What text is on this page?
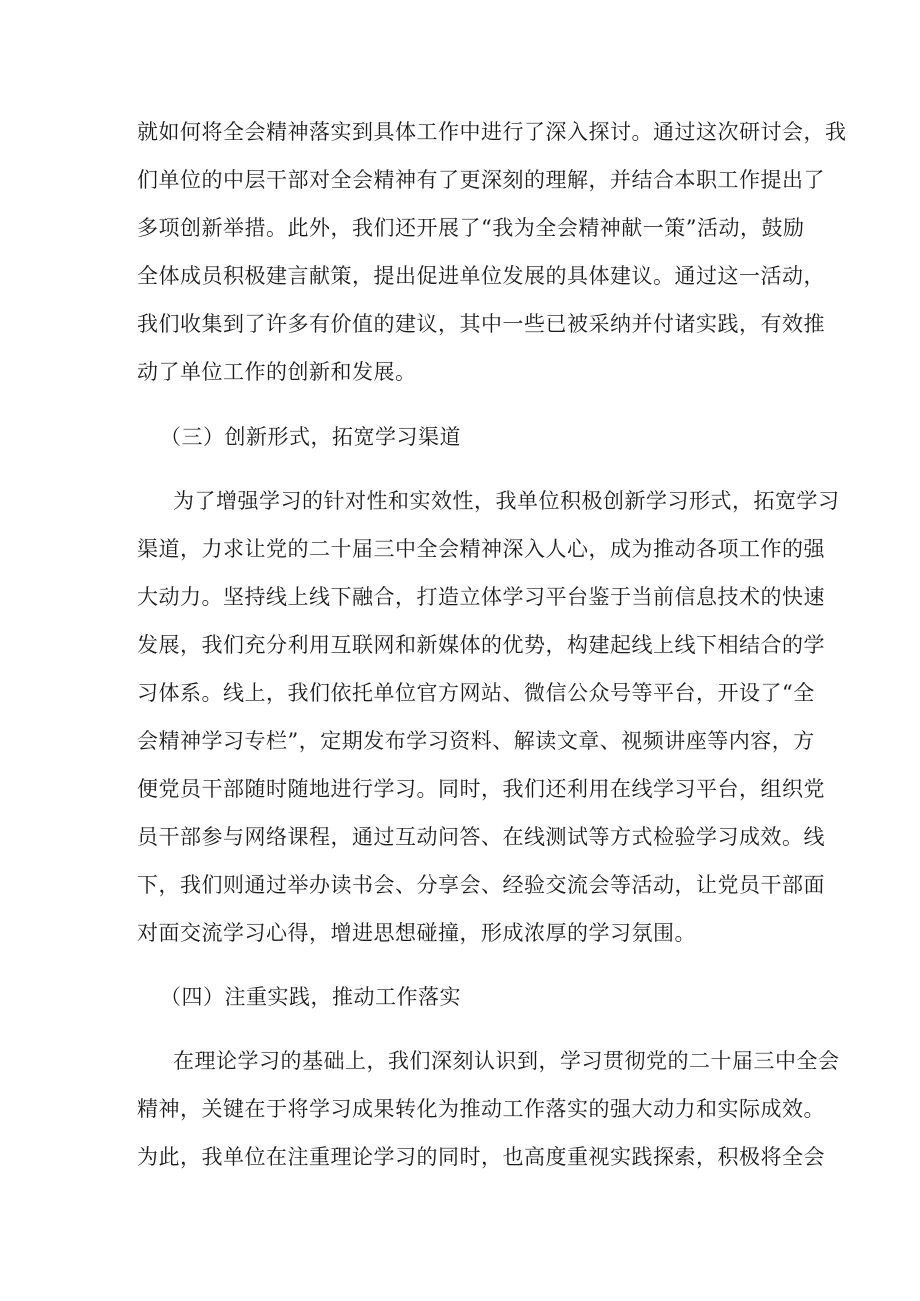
就如何将全会精神落实到具体工作中进行了深入探讨。通过这次研讨会，我
们单位的中层干部对全会精神有了更深刻的理解，并结合本职工作提出了
多项创新举措。此外，我们还开展了“我为全会精神献一策”活动，鼓励
全体成员积极建言献策，提出促进单位发展的具体建议。通过这一活动，
我们收集到了许多有价值的建议，其中一些已被采纳并付诸实践，有效推
动了单位工作的创新和发展。
（三）创新形式，拓宽学习渠道
为了增强学习的针对性和实效性，我单位积极创新学习形式，拓宽学习
渠道，力求让党的二十届三中全会精神深入人心，成为推动各项工作的强
大动力。坚持线上线下融合，打造立体学习平台鉴于当前信息技术的快速
发展，我们充分利用互联网和新媒体的优势，构建起线上线下相结合的学
习体系。线上，我们依托单位官方网站、微信公众号等平台，开设了“全
会精神学习专栏”，定期发布学习资料、解读文章、视频讲座等内容，方
便党员干部随时随地进行学习。同时，我们还利用在线学习平台，组织党
员干部参与网络课程，通过互动问答、在线测试等方式检验学习成效。线
下，我们则通过举办读书会、分享会、经验交流会等活动，让党员干部面
对面交流学习心得，增进思想碰撞，形成浓厚的学习氛围。
（四）注重实践，推动工作落实
在理论学习的基础上，我们深刻认识到，学习贯彻党的二十届三中全会
精神，关键在于将学习成果转化为推动工作落实的强大动力和实际成效。
为此，我单位在注重理论学习的同时，也高度重视实践探索，积极将全会
